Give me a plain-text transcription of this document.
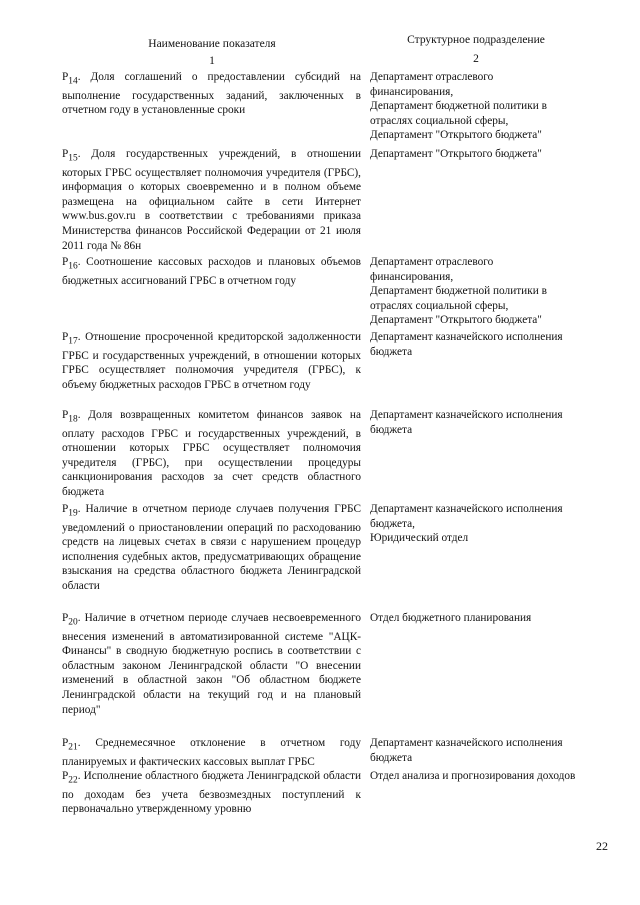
Наименование показателя
1
Структурное подразделение
2
$Р_{14}$. Доля соглашений о предоставлении субсидий на выполнение государственных заданий, заключенных в отчетном году в установленные сроки
Департамент отраслевого
финансирования,
Департамент бюджетной политики в
отраслях социальной сферы,
Департамент "Открытого бюджета"
$Р_{15}$. Доля государственных учреждений, в отношении которых ГРБС осуществляет полномочия учредителя (ГРБС), информация о которых своевременно и в полном объеме размещена на официальном сайте в сети Интернет www.bus.gov.ru в соответствии с требованиями приказа Министерства финансов Российской Федерации от 21 июля 2011 года № 86н
Департамент "Открытого бюджета"
$Р_{16}$. Соотношение кассовых расходов и плановых объемов бюджетных ассигнований ГРБС в отчетном году
Департамент отраслевого
финансирования,
Департамент бюджетной политики в
отраслях социальной сферы,
Департамент "Открытого бюджета"
$Р_{17}$. Отношение просроченной кредиторской задолженности ГРБС и государственных учреждений, в отношении которых ГРБС осуществляет полномочия учредителя (ГРБС), к объему бюджетных расходов ГРБС в отчетном году
Департамент казначейского исполнения
бюджета
$Р_{18}$. Доля возвращенных комитетом финансов заявок на оплату расходов ГРБС и государственных учреждений, в отношении которых ГРБС осуществляет полномочия учредителя (ГРБС), при осуществлении процедуры санкционирования расходов за счет средств областного бюджета
Департамент казначейского исполнения
бюджета
$Р_{19}$. Наличие в отчетном периоде случаев получения ГРБС уведомлений о приостановлении операций по расходованию средств на лицевых счетах в связи с нарушением процедур исполнения судебных актов, предусматривающих обращение взыскания на средства областного бюджета Ленинградской области
Департамент казначейского исполнения
бюджета,
Юридический отдел
$Р_{20}$. Наличие в отчетном периоде случаев несвоевременного внесения изменений в автоматизированной системе "АЦК-Финансы" в сводную бюджетную роспись в соответствии с областным законом Ленинградской области "О внесении изменений в областной закон "Об областном бюджете Ленинградской области на текущий год и на плановый период"
Отдел бюджетного планирования
$Р_{21}$. Среднемесячное отклонение в отчетном году планируемых и фактических кассовых выплат ГРБС
Департамент казначейского исполнения
бюджета
$Р_{22}$. Исполнение областного бюджета Ленинградской области по доходам без учета безвозмездных поступлений к первоначально утвержденному уровню
Отдел анализа и прогнозирования доходов
22
